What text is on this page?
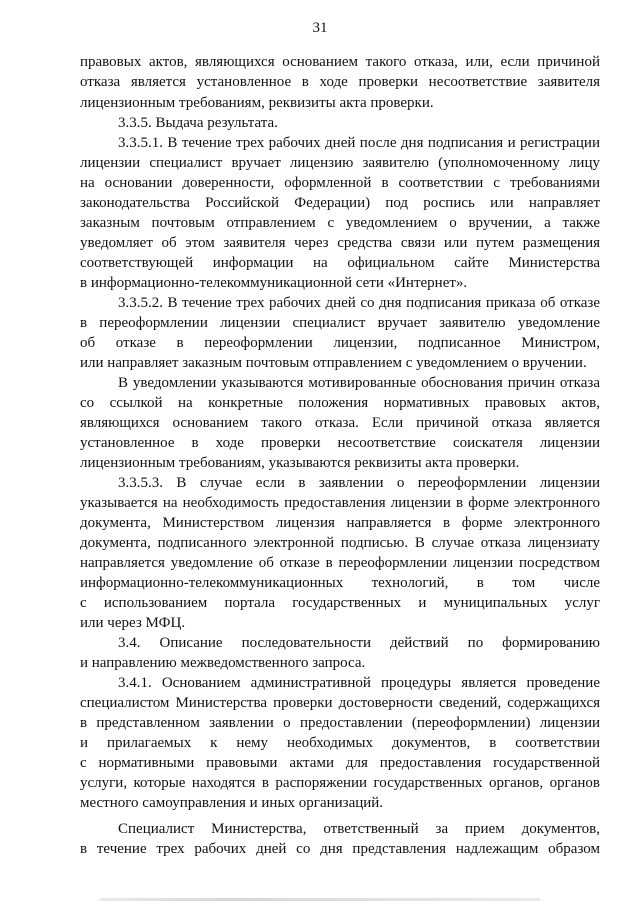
31
правовых актов, являющихся основанием такого отказа, или, если причиной
отказа является установленное в ходе проверки несоответствие заявителя
лицензионным требованиям, реквизиты акта проверки.
3.3.5. Выдача результата.
3.3.5.1. В течение трех рабочих дней после дня подписания и регистрации
лицензии специалист вручает лицензию заявителю (уполномоченному лицу
на основании доверенности, оформленной в соответствии с требованиями
законодательства Российской Федерации) под роспись или направляет
заказным почтовым отправлением с уведомлением о вручении, а также
уведомляет об этом заявителя через средства связи или путем размещения
соответствующей информации на официальном сайте Министерства
в информационно-телекоммуникационной сети «Интернет».
3.3.5.2. В течение трех рабочих дней со дня подписания приказа об отказе
в переоформлении лицензии специалист вручает заявителю уведомление
об отказе в переоформлении лицензии, подписанное Министром,
или направляет заказным почтовым отправлением с уведомлением о вручении.
В уведомлении указываются мотивированные обоснования причин отказа
со ссылкой на конкретные положения нормативных правовых актов,
являющихся основанием такого отказа. Если причиной отказа является
установленное в ходе проверки несоответствие соискателя лицензии
лицензионным требованиям, указываются реквизиты акта проверки.
3.3.5.3. В случае если в заявлении о переоформлении лицензии
указывается на необходимость предоставления лицензии в форме электронного
документа, Министерством лицензия направляется в форме электронного
документа, подписанного электронной подписью. В случае отказа лицензиату
направляется уведомление об отказе в переоформлении лицензии посредством
информационно-телекоммуникационных технологий, в том числе
с использованием портала государственных и муниципальных услуг
или через МФЦ.
3.4. Описание последовательности действий по формированию
и направлению межведомственного запроса.
3.4.1. Основанием административной процедуры является проведение
специалистом Министерства проверки достоверности сведений, содержащихся
в представленном заявлении о предоставлении (переоформлении) лицензии
и прилагаемых к нему необходимых документов, в соответствии
с нормативными правовыми актами для предоставления государственной
услуги, которые находятся в распоряжении государственных органов, органов
местного самоуправления и иных организаций.
Специалист Министерства, ответственный за прием документов,
в течение трех рабочих дней со дня представления надлежащим образом
